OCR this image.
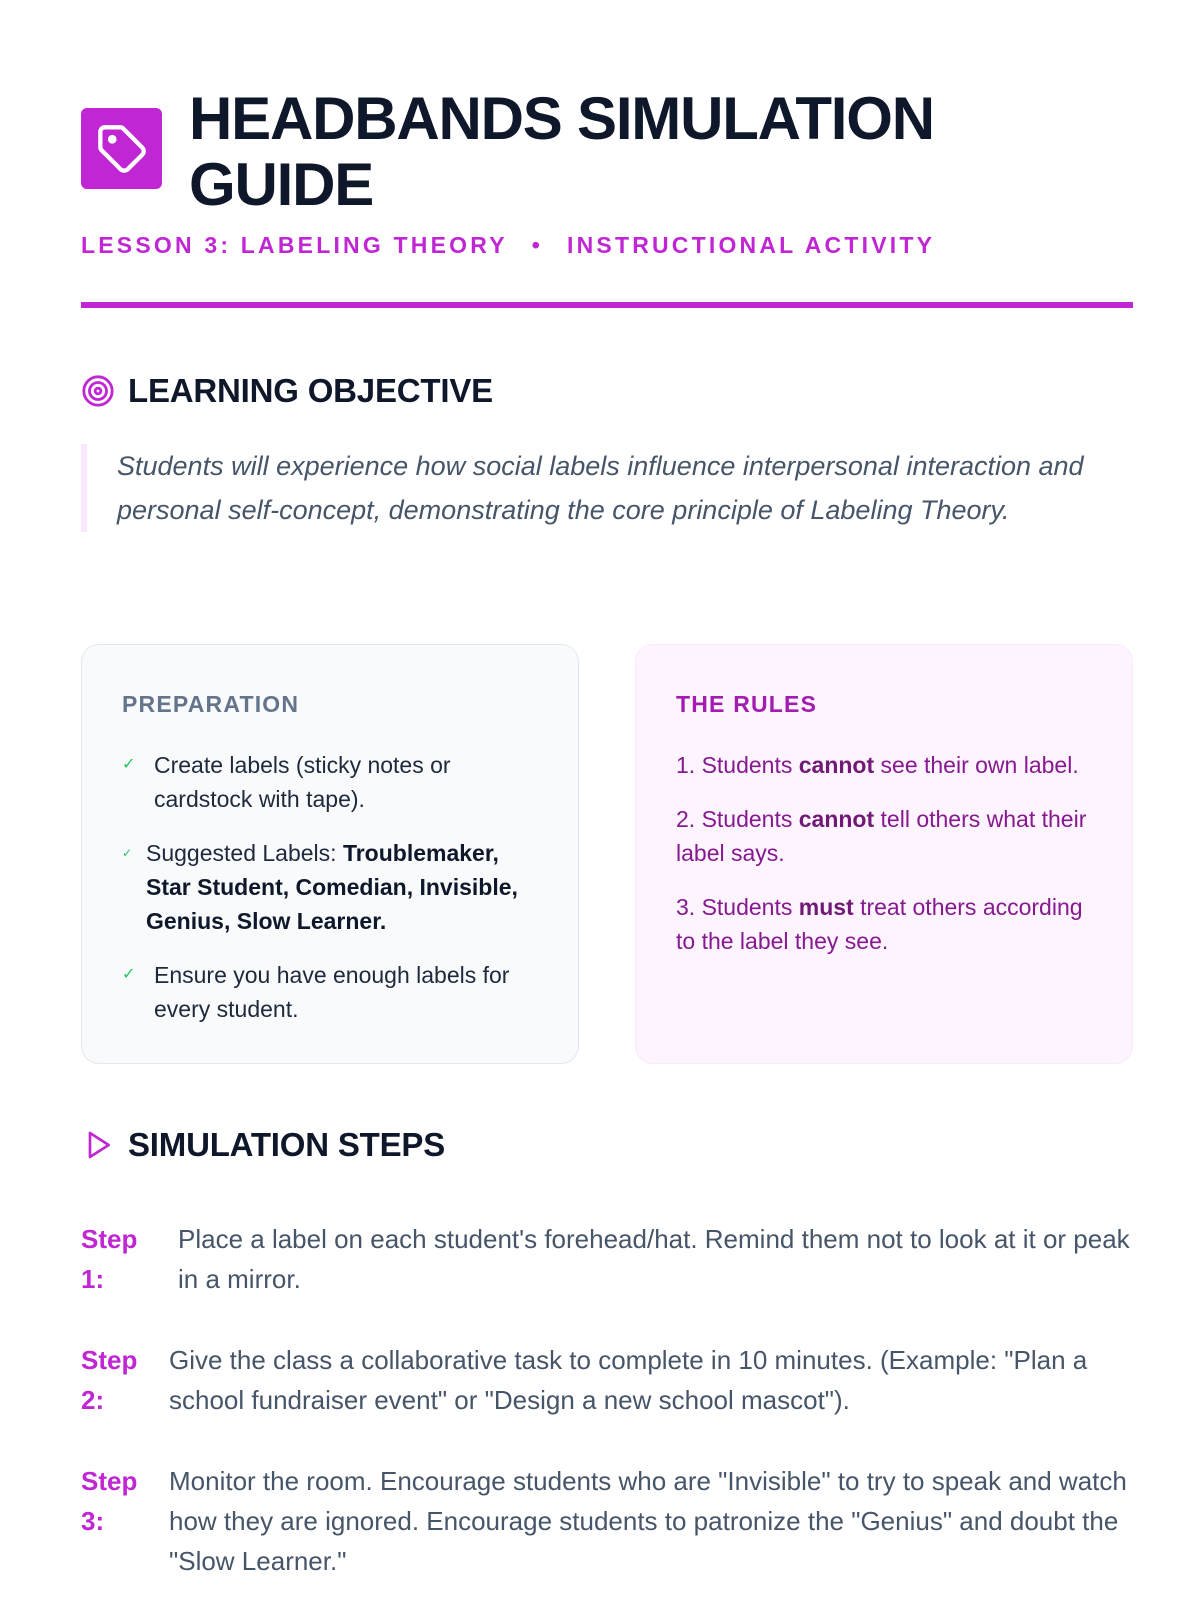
HEADBANDS SIMULATION GUIDE
LESSON 3: LABELING THEORY • INSTRUCTIONAL ACTIVITY
LEARNING OBJECTIVE

Students will experience how social labels influence interpersonal interaction and personal self-concept, demonstrating the core principle of Labeling Theory.

PREPARATION
✓ Create labels (sticky notes or cardstock with tape).
✓ Suggested Labels: Troublemaker, Star Student, Comedian, Invisible, Genius, Slow Learner.
✓ Ensure you have enough labels for every student.
THE RULES
1. Students cannot see their own label.
2. Students cannot tell others what their label says.
3. Students must treat others according to the label they see.
SIMULATION STEPS
Step
1:
Place a label on each student's forehead/hat. Remind them not to look at it or peak in a mirror.
Step
2:
Give the class a collaborative task to complete in 10 minutes. (Example: "Plan a school fundraiser event" or "Design a new school mascot").
Step
3:
Monitor the room. Encourage students who are "Invisible" to try to speak and watch how they are ignored. Encourage students to patronize the "Genius" and doubt the "Slow Learner."
